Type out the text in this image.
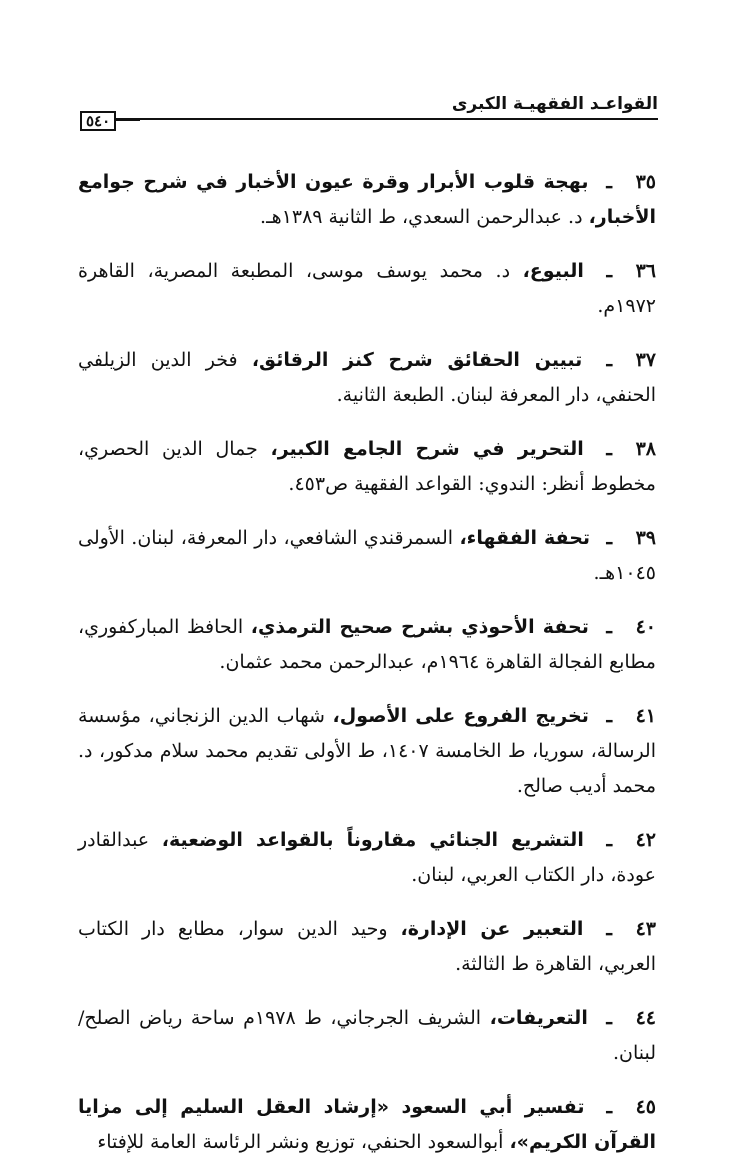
القواعـد الفقهيـة الكبرى
٥٤٠

٣٥ـ بهجة قلوب الأبرار وقرة عيون الأخبار في شرح جوامع الأخبار، د. عبدالرحمن السعدي، ط الثانية ١٣٨٩هـ.

٣٦ـ البيوع، د. محمد يوسف موسى، المطبعة المصرية، القاهرة ١٩٧٢م.

٣٧ـ تبيين الحقائق شرح كنز الرقائق، فخر الدين الزيلفي الحنفي، دار المعرفة لبنان. الطبعة الثانية.

٣٨ـ التحرير في شرح الجامع الكبير، جمال الدين الحصري، مخطوط أنظر: الندوي: القواعد الفقهية ص٤٥٣.

٣٩ـ تحفة الفقهاء، السمرقندي الشافعي، دار المعرفة، لبنان. الأولى ١٠٤٥هـ.

٤٠ـ تحفة الأحوذي بشرح صحيح الترمذي، الحافظ المباركفوري، مطابع الفجالة القاهرة ١٩٦٤م، عبدالرحمن محمد عثمان.

٤١ـ تخريج الفروع على الأصول، شهاب الدين الزنجاني، مؤسسة الرسالة، سوريا، ط الخامسة ١٤٠٧، ط الأولى تقديم محمد سلام مدكور، د. محمد أديب صالح.

٤٢ـ التشريع الجنائي مقاروناً بالقواعد الوضعية، عبدالقادر عودة، دار الكتاب العربي، لبنان.

٤٣ـ التعبير عن الإدارة، وحيد الدين سوار، مطابع دار الكتاب العربي، القاهرة ط الثالثة.

٤٤ـ التعريفات، الشريف الجرجاني، ط ١٩٧٨م ساحة رياض الصلح/ لبنان.

٤٥ـ تفسير أبي السعود «إرشاد العقل السليم إلى مزايا القرآن الكريم»، أبوالسعود الحنفي، توزيع ونشر الرئاسة العامة للإفتاء
